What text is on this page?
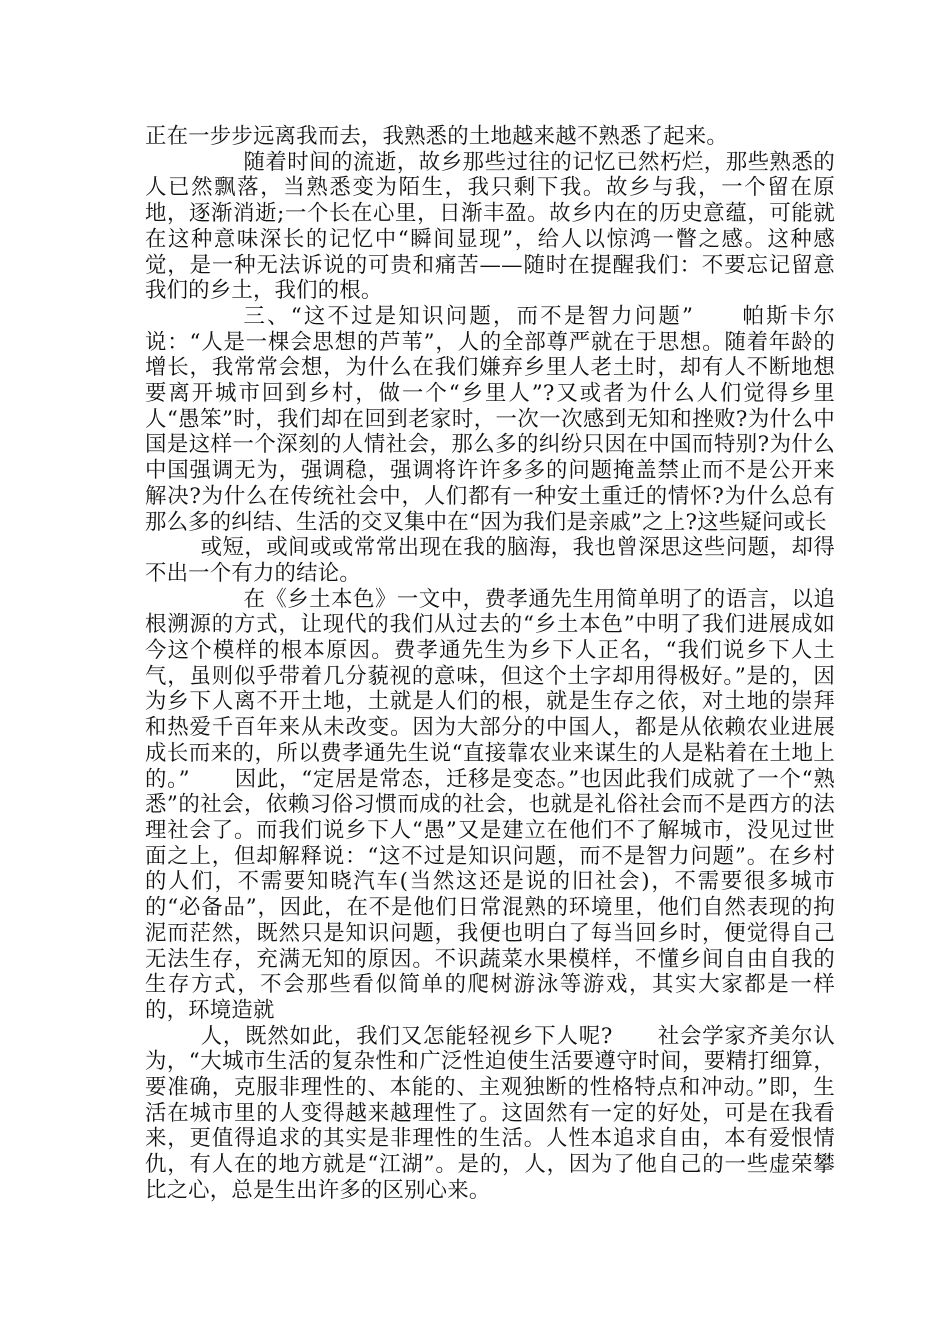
正在一步步远离我而去，我熟悉的土地越来越不熟悉了起来。

随着时间的流逝，故乡那些过往的记忆已然朽烂，那些熟悉的人已然飘落，当熟悉变为陌生，我只剩下我。故乡与我，一个留在原地，逐渐消逝;一个长在心里，日渐丰盈。故乡内在的历史意蕴，可能就在这种意味深长的记忆中“瞬间显现”，给人以惊鸿一瞥之感。这种感觉，是一种无法诉说的可贵和痛苦——随时在提醒我们：不要忘记留意我们的乡土，我们的根。

三、“这不过是知识问题，而不是智力问题”　　帕斯卡尔说：“人是一棵会思想的芦苇”，人的全部尊严就在于思想。随着年龄的增长，我常常会想，为什么在我们嫌弃乡里人老土时，却有人不断地想要离开城市回到乡村，做一个“乡里人”?又或者为什么人们觉得乡里人“愚笨”时，我们却在回到老家时，一次一次感到无知和挫败?为什么中国是这样一个深刻的人情社会，那么多的纠纷只因在中国而特别?为什么中国强调无为，强调稳，强调将许许多多的问题掩盖禁止而不是公开来解决?为什么在传统社会中，人们都有一种安土重迁的情怀?为什么总有那么多的纠结、生活的交叉集中在“因为我们是亲戚”之上?这些疑问或长

或短，或间或或常常出现在我的脑海，我也曾深思这些问题，却得不出一个有力的结论。

在《乡土本色》一文中，费孝通先生用简单明了的语言，以追根溯源的方式，让现代的我们从过去的“乡土本色”中明了我们进展成如今这个模样的根本原因。费孝通先生为乡下人正名，“我们说乡下人土气，虽则似乎带着几分藐视的意味，但这个土字却用得极好。”是的，因为乡下人离不开土地，土就是人们的根，就是生存之依，对土地的崇拜和热爱千百年来从未改变。因为大部分的中国人，都是从依赖农业进展成长而来的，所以费孝通先生说“直接靠农业来谋生的人是粘着在土地上的。”　　因此，“定居是常态，迁移是变态。”也因此我们成就了一个“熟悉”的社会，依赖习俗习惯而成的社会，也就是礼俗社会而不是西方的法理社会了。而我们说乡下人“愚”又是建立在他们不了解城市，没见过世面之上，但却解释说：“这不过是知识问题，而不是智力问题”。在乡村的人们，不需要知晓汽车(当然这还是说的旧社会)，不需要很多城市的“必备品”，因此，在不是他们日常混熟的环境里，他们自然表现的拘泥而茫然，既然只是知识问题，我便也明白了每当回乡时，便觉得自己无法生存，充满无知的原因。不识蔬菜水果模样，不懂乡间自由自我的生存方式，不会那些看似简单的爬树游泳等游戏，其实大家都是一样的，环境造就

人，既然如此，我们又怎能轻视乡下人呢?　　社会学家齐美尔认为，“大城市生活的复杂性和广泛性迫使生活要遵守时间，要精打细算，要准确，克服非理性的、本能的、主观独断的性格特点和冲动。”即，生活在城市里的人变得越来越理性了。这固然有一定的好处，可是在我看来，更值得追求的其实是非理性的生活。人性本追求自由，本有爱恨情仇，有人在的地方就是“江湖”。是的，人，因为了他自己的一些虚荣攀比之心，总是生出许多的区别心来。
